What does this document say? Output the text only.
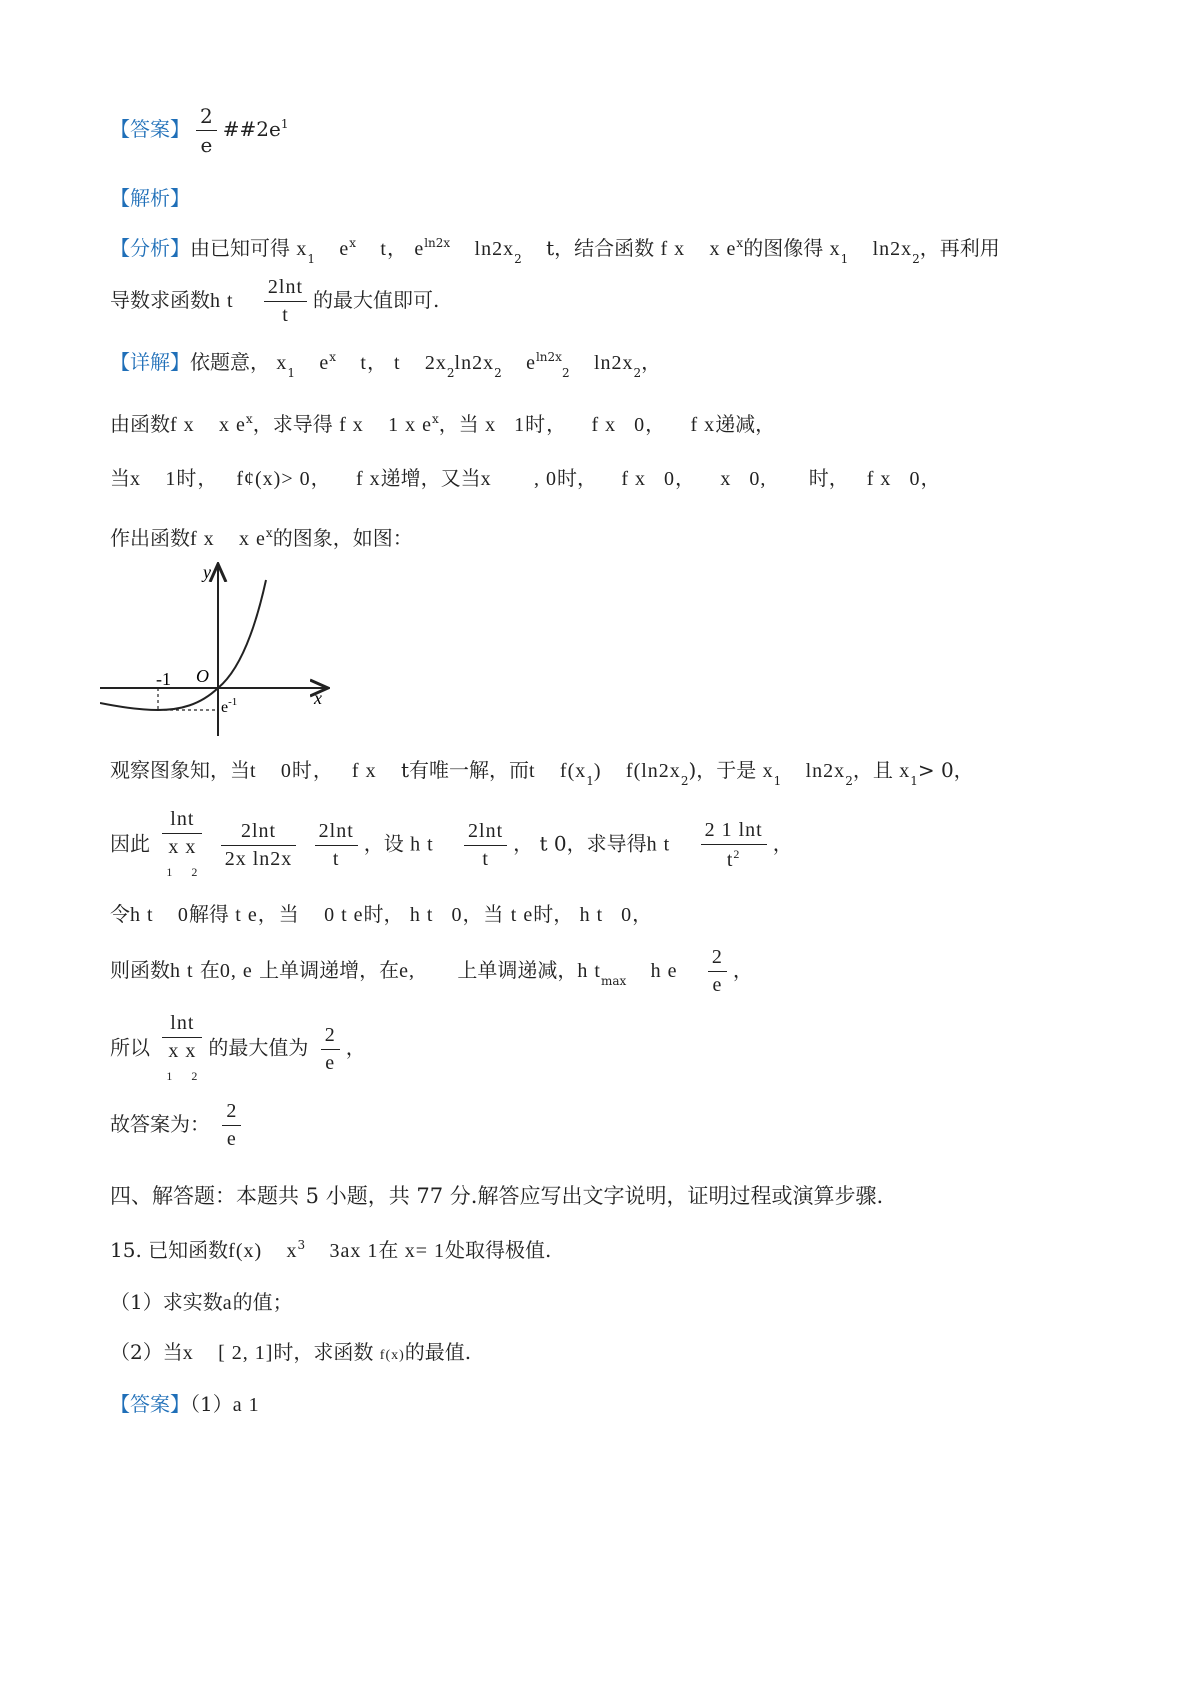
【答案】 $\frac{2}{e}$ $\#\#2e^1$
【解析】
【分析】由已知可得 $x_1$ $e^x$ t， $e^{ln2x}$ $\ln 2x_2$ t，结合函数 f x x $e^x$的图像得 $x_1$ $\ln 2x_2$，再利用
导数求函数h t $\frac{2\ln t}{t}$ 的最大值即可.
【详解】依题意， $x_1$ $e^x$ t， t $2x_2\ln 2x_2$ $e^{ln2x}_2$ $\ln 2x_2$，
由函数f x x $e^x$，求导得 f x 1 x $e^x$，当 x 1时， f x 0， f x递减，
当x 1时， f¢(x)> 0， f x递增，又当x , 0时， f x 0， x 0, 时， f x 0，
作出函数f x x $e^x$的图象，如图：
y
O
-1
x
$e^{-1}$
观察图象知，当t 0时， f x t有唯一解，而t $f(x_1)$ $f(\ln 2x_2)$，于是 $x_1$ $\ln 2x_2$，且 $x_1> 0$，
因此
lnt
x x
1 2

$\frac{2\ln t}{\text{2x ln2x}}$
$\frac{2\ln t}{t}$ ，设 h t $\frac{2\ln t}{t}$ ， t 0，求导得h t $\frac{2 1 \ln t}{t^2}$ ，
令h t 0解得 t e，当 0 t e时， h t 0，当 t e时， h t 0，
则函数h t 在0, e 上单调递增，在e, 上单调递减，h $t_{max}$ h e $\frac{2}{e}$ ，
所以
lnt
x x
1 2
的最大值为 $\frac{2}{e}$ ，
故答案为： $\frac{2}{e}$
四、解答题：本题共 5 小题，共 77 分.解答应写出文字说明，证明过程或演算步骤.
15. 已知函数f(x) $x^3$ 3ax 1在 x= 1处取得极值.
（1）求实数a的值；
（2）当x [ 2, 1]时，求函数 f(x)的最值.
【答案】（1）a 1
